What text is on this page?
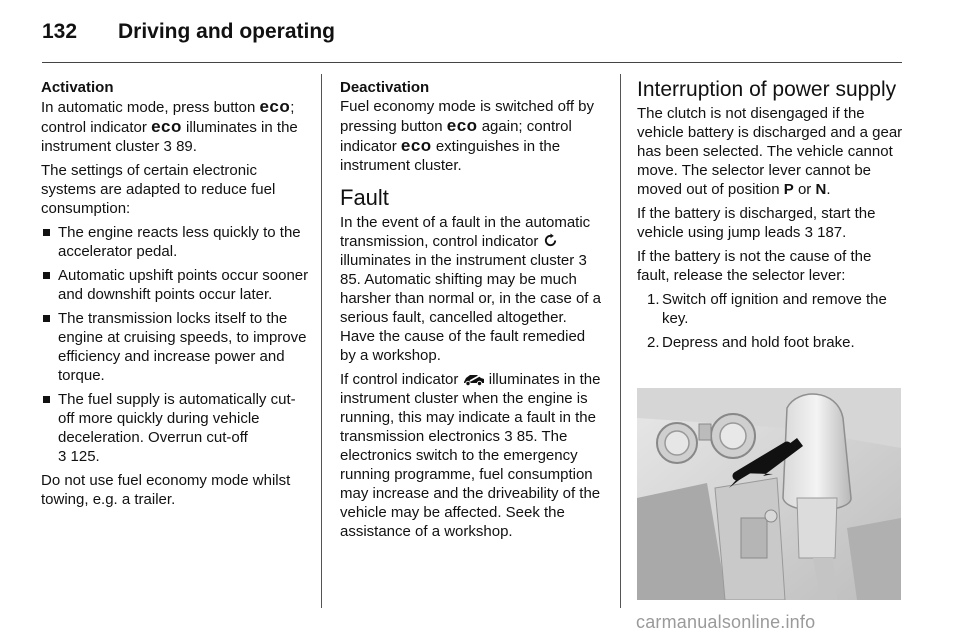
132 Driving and operating

Activation
In automatic mode, press button eco; control indicator eco illuminates in the instrument cluster 3 89.

The settings of certain electronic systems are adapted to reduce fuel consumption:

The engine reacts less quickly to the accelerator pedal.
Automatic upshift points occur sooner and downshift points occur later.
The transmission locks itself to the engine at cruising speeds, to improve efficiency and increase power and torque.
The fuel supply is automatically cut-off more quickly during vehicle deceleration. Overrun cut-off
3 125.

Do not use fuel economy mode whilst towing, e.g. a trailer.

Deactivation
Fuel economy mode is switched off by pressing button eco again; control indicator eco extinguishes in the instrument cluster.

Fault

In the event of a fault in the automatic transmission, control indicator  illuminates in the instrument cluster 3 85. Automatic shifting may be much harsher than normal or, in the case of a serious fault, cancelled altogether. Have the cause of the fault remedied by a workshop.

If control indicator illuminates in the instrument cluster when the engine is running, this may indicate a fault in the transmission electronics 3 85. The electronics switch to the emergency running programme, fuel consumption may increase and the driveability of the vehicle may be affected. Seek the assistance of a workshop.

Interruption of power supply

The clutch is not disengaged if the vehicle battery is discharged and a gear has been selected. The vehicle cannot move. The selector lever cannot be moved out of position P or N.

If the battery is discharged, start the vehicle using jump leads 3 187.

If the battery is not the cause of the fault, release the selector lever:

1. Switch off ignition and remove the key.
2. Depress and hold foot brake.
carmanualsonline.info
